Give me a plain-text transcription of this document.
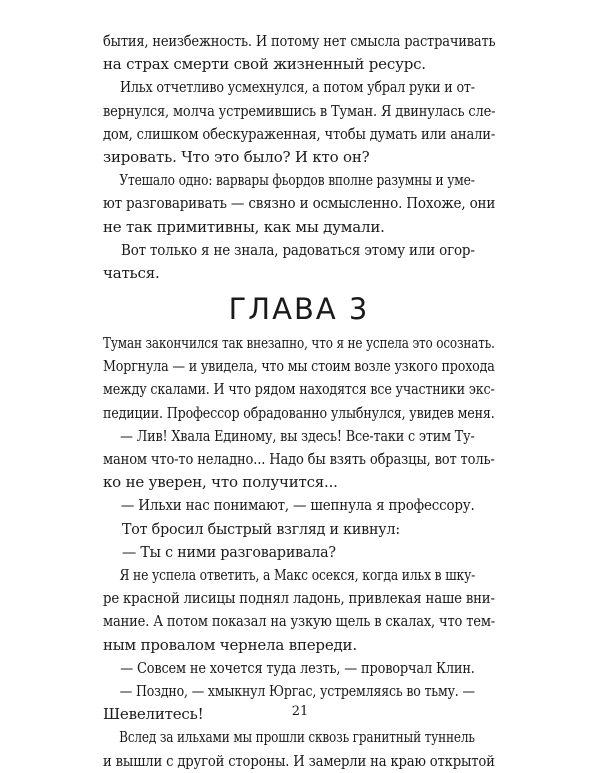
бытия, неизбежность. И потому нет смысла растрачивать
на страх смерти свой жизненный ресурс.

Ильх отчетливо усмехнулся, а потом убрал руки и от-
вернулся, молча устремившись в Туман. Я двинулась сле-
дом, слишком обескураженная, чтобы думать или анали-
зировать. Что это было? И кто он?

Утешало одно: варвары фьордов вполне разумны и уме-
ют разговаривать — связно и осмысленно. Похоже, они
не так примитивны, как мы думали.

Вот только я не знала, радоваться этому или огор-
чаться.

ГЛАВА 3

Туман закончился так внезапно, что я не успела это осознать.
Моргнула — и увидела, что мы стоим возле узкого прохода
между скалами. И что рядом находятся все участники экс-
педиции. Профессор обрадованно улыбнулся, увидев меня.

— Лив! Хвала Единому, вы здесь! Все-таки с этим Ту-
маном что-то неладно... Надо бы взять образцы, вот толь-
ко не уверен, что получится...

— Ильхи нас понимают, — шепнула я профессору.

Тот бросил быстрый взгляд и кивнул:

— Ты с ними разговаривала?

Я не успела ответить, а Макс осекся, когда ильх в шку-
ре красной лисицы поднял ладонь, привлекая наше вни-
мание. А потом показал на узкую щель в скалах, что тем-
ным провалом чернела впереди.

— Совсем не хочется туда лезть, — проворчал Клин.

— Поздно, — хмыкнул Юргас, устремляясь во тьму. —
Шевелитесь!

Вслед за ильхами мы прошли сквозь гранитный туннель
и вышли с другой стороны. И замерли на краю открытой

21
